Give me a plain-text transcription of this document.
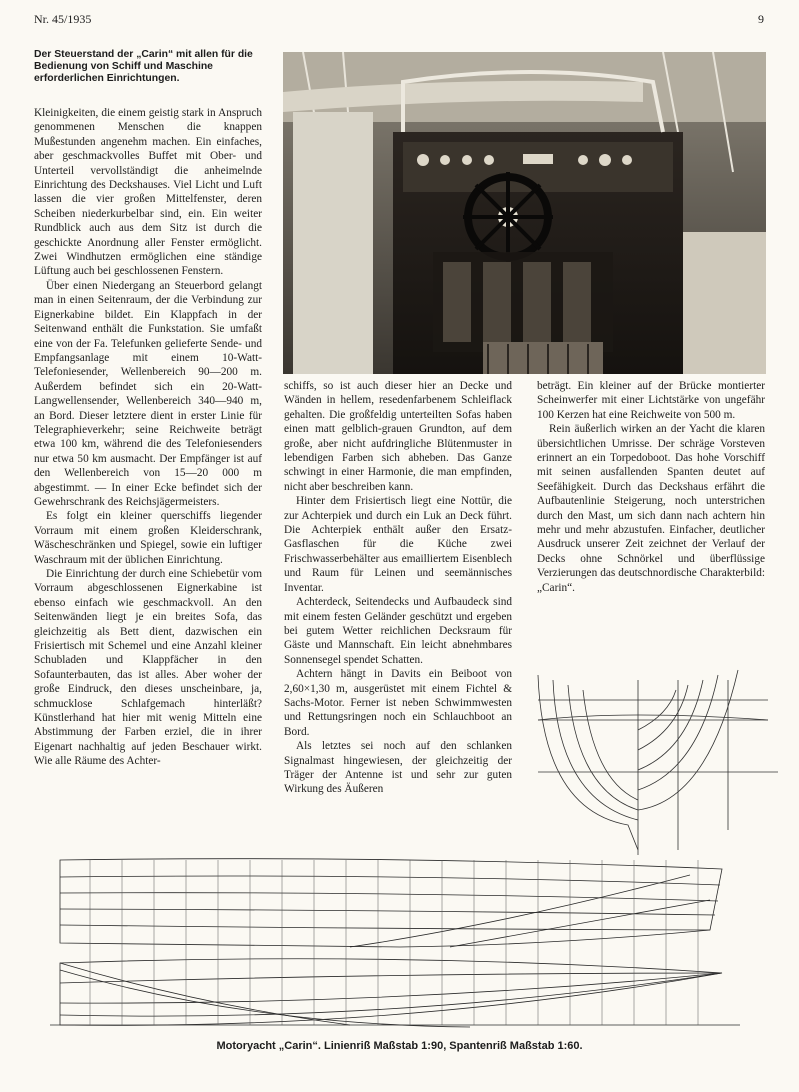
Nr. 45/1935	9
Der Steuerstand der „Carin“ mit allen für die Bedienung von Schiff und Maschine erforderlichen Einrichtungen.

Kleinigkeiten, die einem geistig stark in Anspruch genommenen Menschen die knappen Mußestunden angenehm machen. Ein einfaches, aber geschmackvolles Buffet mit Ober- und Unterteil vervollständigt die anheimelnde Einrichtung des Deckshauses. Viel Licht und Luft lassen die vier großen Mittelfenster, deren Scheiben niederkurbelbar sind, ein. Ein weiter Rundblick auch aus dem Sitz ist durch die geschickte Anordnung aller Fenster ermöglicht. Zwei Windhutzen ermöglichen eine ständige Lüftung auch bei geschlossenen Fenstern.

Über einen Niedergang an Steuerbord gelangt man in einen Seitenraum, der die Verbindung zur Eignerkabine bildet. Ein Klappfach in der Seitenwand enthält die Funkstation. Sie umfaßt eine von der Fa. Telefunken gelieferte Sende- und Empfangsanlage mit einem 10-Watt-Telefoniesender, Wellenbereich 90—200 m. Außerdem befindet sich ein 20-Watt-Langwellensender, Wellenbereich 340—940 m, an Bord. Dieser letztere dient in erster Linie für Telegraphieverkehr; seine Reichweite beträgt etwa 100 km, während die des Telefoniesenders nur etwa 50 km ausmacht. Der Empfänger ist auf den Wellenbereich von 15—20 000 m abgestimmt. — In einer Ecke befindet sich der Gewehrschrank des Reichsjägermeisters.

Es folgt ein kleiner querschiffs liegender Vorraum mit einem großen Kleiderschrank, Wäscheschränken und Spiegel, sowie ein luftiger Waschraum mit der üblichen Einrichtung.

Die Einrichtung der durch eine Schiebetür vom Vorraum abgeschlossenen Eignerkabine ist ebenso einfach wie geschmackvoll. An den Seitenwänden liegt je ein breites Sofa, das gleichzeitig als Bett dient, dazwischen ein Frisiertisch mit Schemel und eine Anzahl kleiner Schubladen und Klappfächer in den Sofaunterbauten, das ist alles. Aber woher der große Eindruck, den dieses unscheinbare, ja, schmucklose Schlafgemach hinterläßt? Künstlerhand hat hier mit wenig Mitteln eine Abstimmung der Farben erziel, die in ihrer Eigenart nachhaltig auf jeden Beschauer wirkt. Wie alle Räume des Achter-

schiffs, so ist auch dieser hier an Decke und Wänden in hellem, resedenfarbenem Schleiflack gehalten. Die großfeldig unterteilten Sofas haben einen matt gelblich-grauen Grundton, auf dem große, aber nicht aufdringliche Blütenmuster in lebendigen Farben sich abheben. Das Ganze schwingt in einer Harmonie, die man empfinden, nicht aber beschreiben kann.

Hinter dem Frisiertisch liegt eine Nottür, die zur Achterpiek und durch ein Luk an Deck führt. Die Achterpiek enthält außer den Ersatz-Gasflaschen für die Küche zwei Frischwasserbehälter aus emailliertem Eisenblech und Raum für Leinen und seemännisches Inventar.

Achterdeck, Seitendecks und Aufbaudeck sind mit einem festen Geländer geschützt und ergeben bei gutem Wetter reichlichen Decksraum für Gäste und Mannschaft. Ein leicht abnehmbares Sonnensegel spendet Schatten.

Achtern hängt in Davits ein Beiboot von 2,60×1,30 m, ausgerüstet mit einem Fichtel & Sachs-Motor. Ferner ist neben Schwimmwesten und Rettungsringen noch ein Schlauchboot an Bord.

Als letztes sei noch auf den schlanken Signalmast hingewiesen, der gleichzeitig der Träger der Antenne ist und sehr zur guten Wirkung des Äußeren

beträgt. Ein kleiner auf der Brücke montierter Scheinwerfer mit einer Lichtstärke von ungefähr 100 Kerzen hat eine Reichweite von 500 m.

Rein äußerlich wirken an der Yacht die klaren übersichtlichen Umrisse. Der schräge Vorsteven erinnert an ein Torpedoboot. Das hohe Vorschiff mit seinen ausfallenden Spanten deutet auf Seefähigkeit. Durch das Deckshaus erfährt die Aufbautenlinie Steigerung, noch unterstrichen durch den Mast, um sich dann nach achtern hin mehr und mehr abzustufen. Einfacher, deutlicher Ausdruck unserer Zeit zeichnet der Verlauf der Decks ohne Schnörkel und überflüssige Verzierungen das deutschnordische Charakterbild: „Carin“.

Motoryacht „Carin“. Linienriß Maßstab 1:90, Spantenriß Maßstab 1:60.
